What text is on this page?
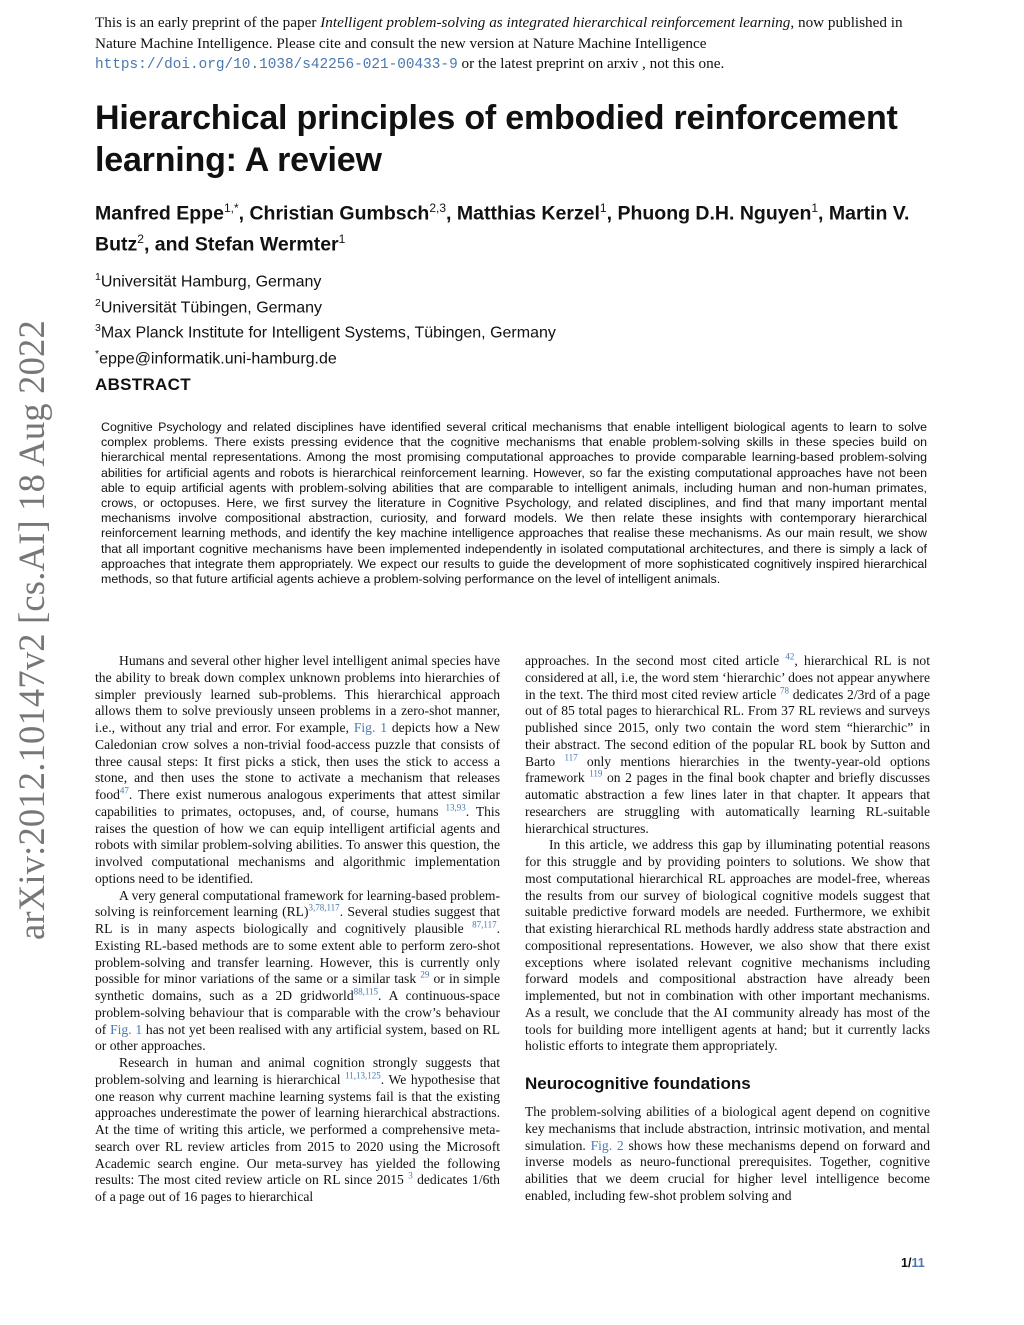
This is an early preprint of the paper Intelligent problem-solving as integrated hierarchical reinforcement learning, now published in Nature Machine Intelligence. Please cite and consult the new version at Nature Machine Intelligence
https://doi.org/10.1038/s42256-021-00433-9 or the latest preprint on arxiv , not this one.
Hierarchical principles of embodied reinforcement learning: A review
Manfred Eppe$^{1,*}$, Christian Gumbsch$^{2,3}$, Matthias Kerzel$^1$, Phuong D.H. Nguyen$^1$, Martin V. Butz$^2$, and Stefan Wermter$^1$
$^1$Universität Hamburg, Germany
$^2$Universität Tübingen, Germany
$^3$Max Planck Institute for Intelligent Systems, Tübingen, Germany
*eppe@informatik.uni-hamburg.de
ABSTRACT

Cognitive Psychology and related disciplines have identified several critical mechanisms that enable intelligent biological agents to learn to solve complex problems. There exists pressing evidence that the cognitive mechanisms that enable problem-solving skills in these species build on hierarchical mental representations. Among the most promising computational approaches to provide comparable learning-based problem-solving abilities for artificial agents and robots is hierarchical reinforcement learning. However, so far the existing computational approaches have not been able to equip artificial agents with problem-solving abilities that are comparable to intelligent animals, including human and non-human primates, crows, or octopuses. Here, we first survey the literature in Cognitive Psychology, and related disciplines, and find that many important mental mechanisms involve compositional abstraction, curiosity, and forward models. We then relate these insights with contemporary hierarchical reinforcement learning methods, and identify the key machine intelligence approaches that realise these mechanisms. As our main result, we show that all important cognitive mechanisms have been implemented independently in isolated computational architectures, and there is simply a lack of approaches that integrate them appropriately. We expect our results to guide the development of more sophisticated cognitively inspired hierarchical methods, so that future artificial agents achieve a problem-solving performance on the level of intelligent animals.

arXiv:2012.10147v2 [cs.AI] 18 Aug 2022	Humans and several other higher level intelligent animal species have the ability to break down complex unknown problems into hierarchies of simpler previously learned sub-problems. This hierarchical approach allows them to solve previously unseen problems in a zero-shot manner, i.e., without any trial and error. For example, Fig. 1 depicts how a New Caledonian crow solves a non-trivial food-access puzzle that consists of three causal steps: It first picks a stick, then uses the stick to access a stone, and then uses the stone to activate a mechanism that releases food$^{47}$. There exist numerous analogous experiments that attest similar capabilities to primates, octopuses, and, of course, humans $^{13,93}$. This raises the question of how we can equip intelligent artificial agents and robots with similar problem-solving abilities. To answer this question, the involved computational mechanisms and algorithmic implementation options need to be identified.

A very general computational framework for learning-based problem-solving is reinforcement learning (RL)$^{3,78,117}$. Several studies suggest that RL is in many aspects biologically and cognitively plausible $^{87,117}$. Existing RL-based methods are to some extent able to perform zero-shot problem-solving and transfer learning. However, this is currently only possible for minor variations of the same or a similar task $^{29}$ or in simple synthetic domains, such as a 2D gridworld$^{88,115}$. A continuous-space problem-solving behaviour that is comparable with the crow’s behaviour of Fig. 1 has not yet been realised with any artificial system, based on RL or other approaches.

Research in human and animal cognition strongly suggests that problem-solving and learning is hierarchical $^{11,13,125}$. We hypothesise that one reason why current machine learning systems fail is that the existing approaches underestimate the power of learning hierarchical abstractions. At the time of writing this article, we performed a comprehensive meta-search over RL review articles from 2015 to 2020 using the Microsoft Academic search engine. Our meta-survey has yielded the following results: The most cited review article on RL since 2015 $^3$ dedicates 1/6th of a page out of 16 pages to hierarchical

approaches. In the second most cited article $^{42}$, hierarchical RL is not considered at all, i.e, the word stem ‘hierarchic’ does not appear anywhere in the text. The third most cited review article $^{78}$ dedicates 2/3rd of a page out of 85 total pages to hierarchical RL. From 37 RL reviews and surveys published since 2015, only two contain the word stem “hierarchic” in their abstract. The second edition of the popular RL book by Sutton and Barto $^{117}$ only mentions hierarchies in the twenty-year-old options framework $^{119}$ on 2 pages in the final book chapter and briefly discusses automatic abstraction a few lines later in that chapter. It appears that researchers are struggling with automatically learning RL-suitable hierarchical structures.

In this article, we address this gap by illuminating potential reasons for this struggle and by providing pointers to solutions. We show that most computational hierarchical RL approaches are model-free, whereas the results from our survey of biological cognitive models suggest that suitable predictive forward models are needed. Furthermore, we exhibit that existing hierarchical RL methods hardly address state abstraction and compositional representations. However, we also show that there exist exceptions where isolated relevant cognitive mechanisms including forward models and compositional abstraction have already been implemented, but not in combination with other important mechanisms. As a result, we conclude that the AI community already has most of the tools for building more intelligent agents at hand; but it currently lacks holistic efforts to integrate them appropriately.

Neurocognitive foundations

The problem-solving abilities of a biological agent depend on cognitive key mechanisms that include abstraction, intrinsic motivation, and mental simulation. Fig. 2 shows how these mechanisms depend on forward and inverse models as neuro-functional prerequisites. Together, cognitive abilities that we deem crucial for higher level intelligence become enabled, including few-shot problem solving and

1/11
